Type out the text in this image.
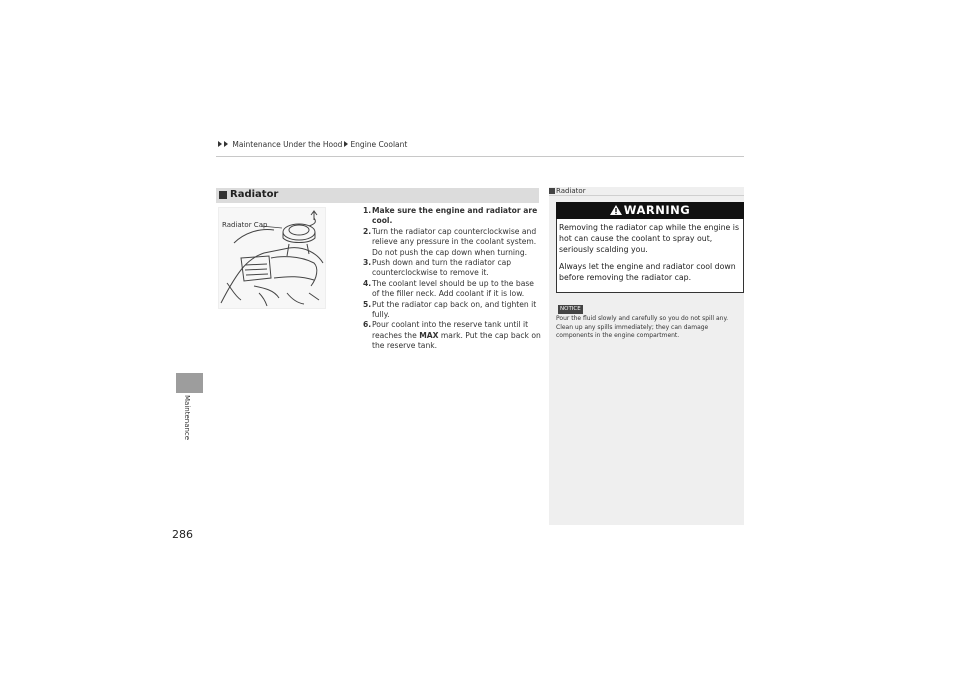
Maintenance Under the Hood Engine Coolant
Maintenance
286
Radiator
Radiator Cap
1. Make sure the engine and radiator are cool.
2. Turn the radiator cap counterclockwise and relieve any pressure in the coolant system. Do not push the cap down when turning.
3. Push down and turn the radiator cap counterclockwise to remove it.
4. The coolant level should be up to the base of the filler neck. Add coolant if it is low.
5. Put the radiator cap back on, and tighten it fully.
6. Pour coolant into the reserve tank until it reaches the MAX mark. Put the cap back on the reserve tank.
Radiator
WARNING

Removing the radiator cap while the engine is hot can cause the coolant to spray out, seriously scalding you.

Always let the engine and radiator cool down before removing the radiator cap.

NOTICE
Pour the fluid slowly and carefully so you do not spill any. Clean up any spills immediately; they can damage components in the engine compartment.
